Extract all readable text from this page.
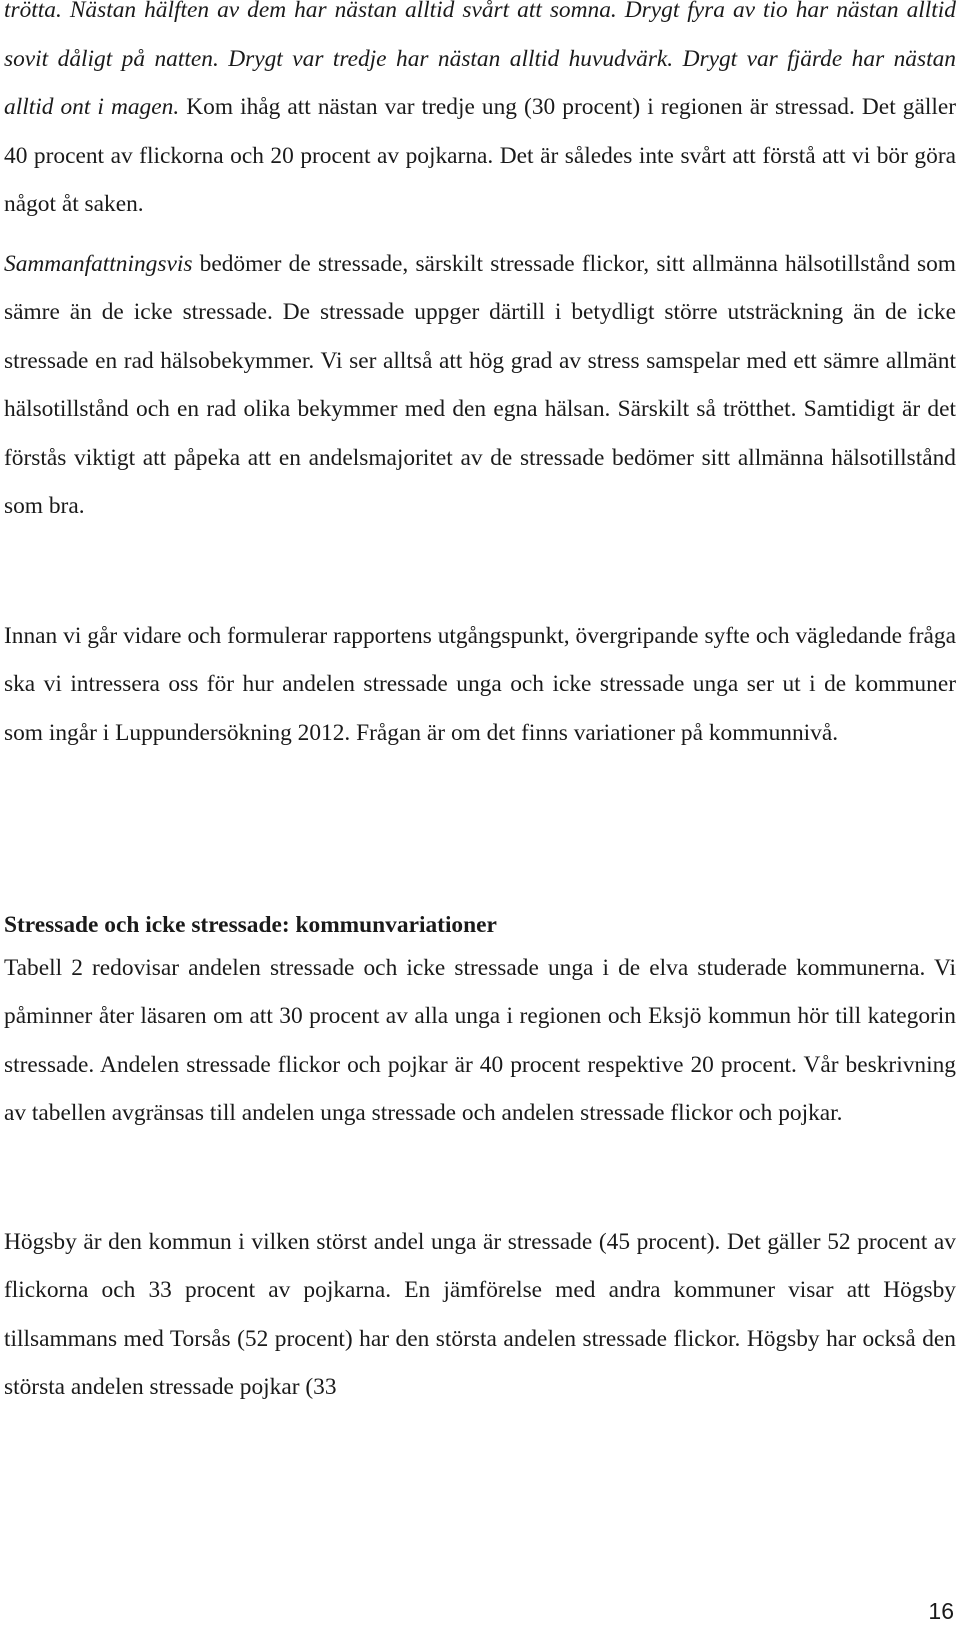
trötta. Nästan hälften av dem har nästan alltid svårt att somna. Drygt fyra av tio har nästan alltid sovit dåligt på natten. Drygt var tredje har nästan alltid huvudvärk. Drygt var fjärde har nästan alltid ont i magen. Kom ihåg att nästan var tredje ung (30 procent) i regionen är stressad. Det gäller 40 procent av flickorna och 20 procent av pojkarna. Det är således inte svårt att förstå att vi bör göra något åt saken.

Sammanfattningsvis bedömer de stressade, särskilt stressade flickor, sitt allmänna hälsotillstånd som sämre än de icke stressade. De stressade uppger därtill i betydligt större utsträckning än de icke stressade en rad hälsobekymmer. Vi ser alltså att hög grad av stress samspelar med ett sämre allmänt hälsotillstånd och en rad olika bekymmer med den egna hälsan. Särskilt så trötthet. Samtidigt är det förstås viktigt att påpeka att en andelsmajoritet av de stressade bedömer sitt allmänna hälsotillstånd som bra.

Innan vi går vidare och formulerar rapportens utgångspunkt, övergripande syfte och vägledande fråga ska vi intressera oss för hur andelen stressade unga och icke stressade unga ser ut i de kommuner som ingår i Luppundersökning 2012. Frågan är om det finns variationer på kommunnivå.

Stressade och icke stressade: kommunvariationer

Tabell 2 redovisar andelen stressade och icke stressade unga i de elva studerade kommunerna. Vi påminner åter läsaren om att 30 procent av alla unga i regionen och Eksjö kommun hör till kategorin stressade. Andelen stressade flickor och pojkar är 40 procent respektive 20 procent. Vår beskrivning av tabellen avgränsas till andelen unga stressade och andelen stressade flickor och pojkar.

Högsby är den kommun i vilken störst andel unga är stressade (45 procent). Det gäller 52 procent av flickorna och 33 procent av pojkarna. En jämförelse med andra kommuner visar att Högsby tillsammans med Torsås (52 procent) har den största andelen stressade flickor. Högsby har också den största andelen stressade pojkar (33

16
